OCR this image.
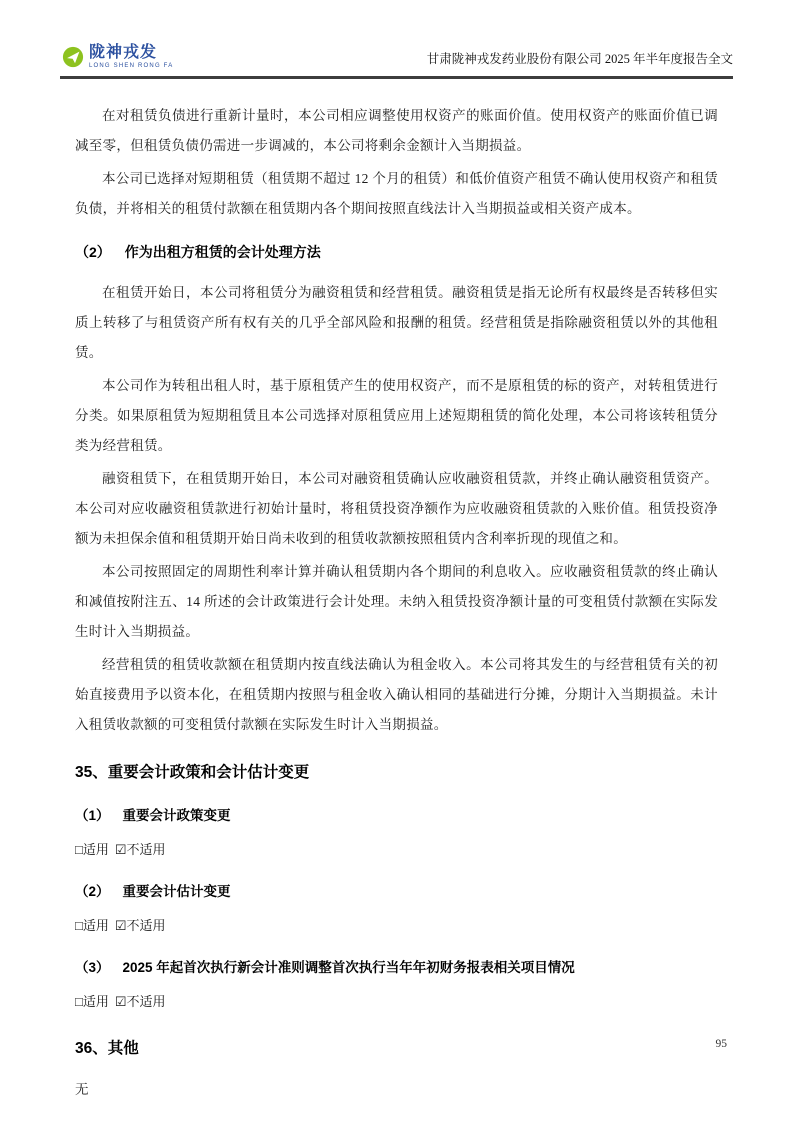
陇神戎发
LONG SHEN RONG FA	甘肃陇神戎发药业股份有限公司 2025 年半年度报告全文

在对租赁负债进行重新计量时，本公司相应调整使用权资产的账面价值。使用权资产的账面价值已调减至零，但租赁负债仍需进一步调减的，本公司将剩余金额计入当期损益。

本公司已选择对短期租赁（租赁期不超过 12 个月的租赁）和低价值资产租赁不确认使用权资产和租赁负债，并将相关的租赁付款额在租赁期内各个期间按照直线法计入当期损益或相关资产成本。

（2） 作为出租方租赁的会计处理方法

在租赁开始日，本公司将租赁分为融资租赁和经营租赁。融资租赁是指无论所有权最终是否转移但实质上转移了与租赁资产所有权有关的几乎全部风险和报酬的租赁。经营租赁是指除融资租赁以外的其他租赁。

本公司作为转租出租人时，基于原租赁产生的使用权资产，而不是原租赁的标的资产，对转租赁进行分类。如果原租赁为短期租赁且本公司选择对原租赁应用上述短期租赁的简化处理，本公司将该转租赁分类为经营租赁。

融资租赁下，在租赁期开始日，本公司对融资租赁确认应收融资租赁款，并终止确认融资租赁资产。本公司对应收融资租赁款进行初始计量时，将租赁投资净额作为应收融资租赁款的入账价值。租赁投资净额为未担保余值和租赁期开始日尚未收到的租赁收款额按照租赁内含利率折现的现值之和。

本公司按照固定的周期性利率计算并确认租赁期内各个期间的利息收入。应收融资租赁款的终止确认和减值按附注五、14 所述的会计政策进行会计处理。未纳入租赁投资净额计量的可变租赁付款额在实际发生时计入当期损益。

经营租赁的租赁收款额在租赁期内按直线法确认为租金收入。本公司将其发生的与经营租赁有关的初始直接费用予以资本化，在租赁期内按照与租金收入确认相同的基础进行分摊，分期计入当期损益。未计入租赁收款额的可变租赁付款额在实际发生时计入当期损益。

35、重要会计政策和会计估计变更
（1） 重要会计政策变更
□适用 ☑不适用
（2） 重要会计估计变更
□适用 ☑不适用
（3） 2025 年起首次执行新会计准则调整首次执行当年年初财务报表相关项目情况
□适用 ☑不适用
36、其他

无

95
